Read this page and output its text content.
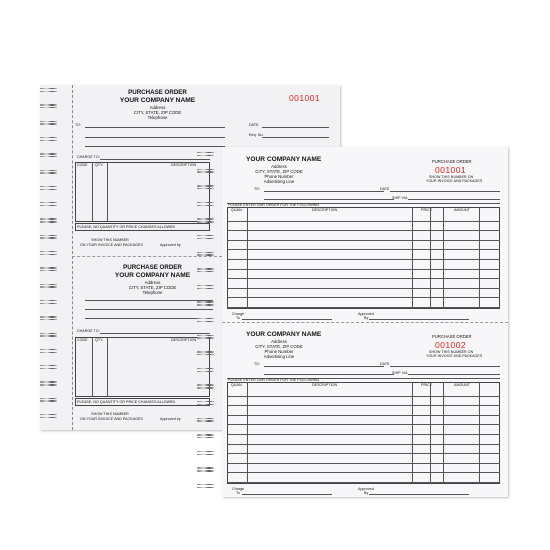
PURCHASE ORDER
YOUR COMPANY NAME
Address
CITY, STATE, ZIP CODE
Telephone
001001
TO:	DATE
Req. No.
CHARGE TO:
CODE QTY.	DESCRIPTION
PLEASE, NO QUANTITY OR PRICE CHANGES ALLOWED
SHOW THIS NUMBER
ON YOUR INVOICE AND PACKAGES	Approved by
PURCHASE ORDER
YOUR COMPANY NAME
Address
CITY, STATE, ZIP CODE
Telephone
CHARGE TO:
CODE QTY.	DESCRIPTION
PLEASE, NO QUANTITY OR PRICE CHANGES ALLOWED
SHOW THIS NUMBER
ON YOUR INVOICE AND PACKAGES	Approved by
YOUR COMPANY NAME
Address
CITY, STATE, ZIP CODE
Phone Number
Advertising Line
PURCHASE ORDER
001001
SHOW THIS NUMBER ON
YOUR INVOICE AND PACKAGES
TO:	DATE
SHIP VIA
PLEASE ENTER OUR ORDER FOR THE FOLLOWING
QUAN.	DESCRIPTION	PRICE	AMOUNT
Charge
To
Approved
By
YOUR COMPANY NAME
Address
CITY, STATE, ZIP CODE
Phone Number
Advertising Line
PURCHASE ORDER
001002
SHOW THIS NUMBER ON
YOUR INVOICE AND PACKAGES
TO:	DATE
SHIP VIA
PLEASE ENTER OUR ORDER FOR THE FOLLOWING
QUAN.	DESCRIPTION	PRICE	AMOUNT
Charge
To
Approved
By
